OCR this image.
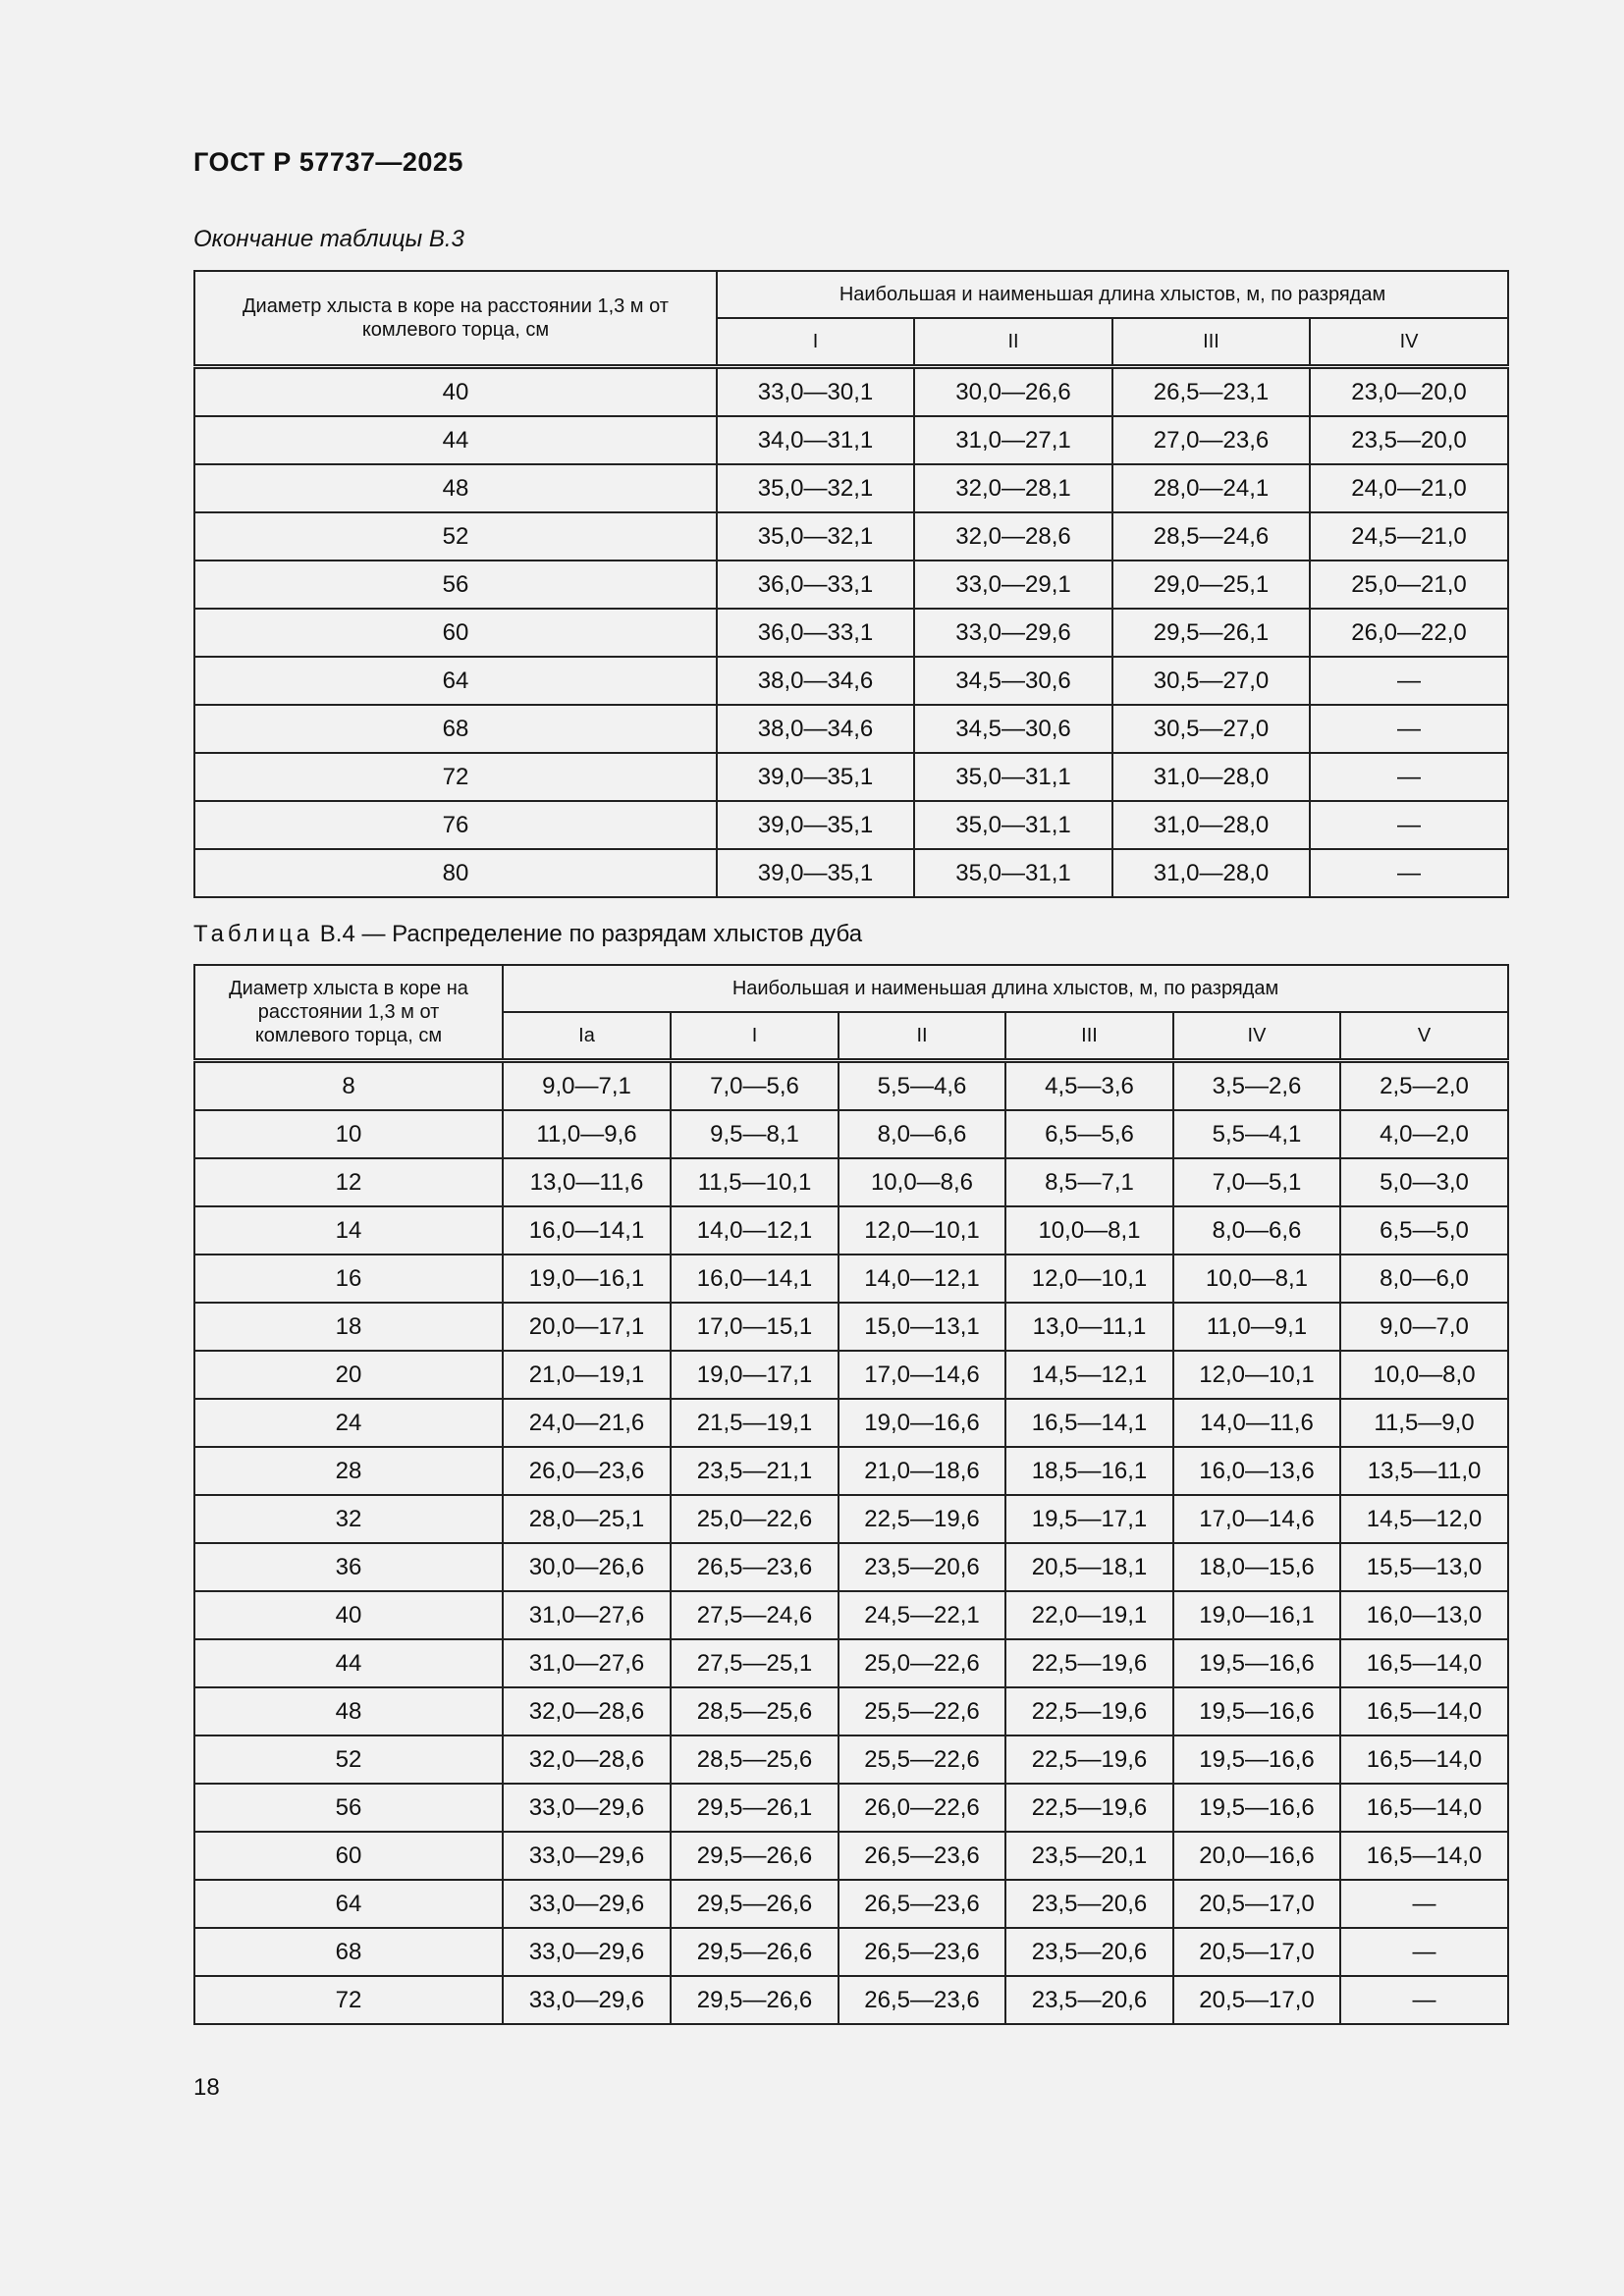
ГОСТ Р 57737—2025
Окончание таблицы В.3
Диаметр хлыста в коре на расстоянии 1,3 м от комлевого торца, см	Наибольшая и наименьшая длина хлыстов, м, по разрядам			
	I	II	III	IV
40	33,0—30,1	30,0—26,6	26,5—23,1	23,0—20,0
44	34,0—31,1	31,0—27,1	27,0—23,6	23,5—20,0
48	35,0—32,1	32,0—28,1	28,0—24,1	24,0—21,0
52	35,0—32,1	32,0—28,6	28,5—24,6	24,5—21,0
56	36,0—33,1	33,0—29,1	29,0—25,1	25,0—21,0
60	36,0—33,1	33,0—29,6	29,5—26,1	26,0—22,0
64	38,0—34,6	34,5—30,6	30,5—27,0	—
68	38,0—34,6	34,5—30,6	30,5—27,0	—
72	39,0—35,1	35,0—31,1	31,0—28,0	—
76	39,0—35,1	35,0—31,1	31,0—28,0	—
80	39,0—35,1	35,0—31,1	31,0—28,0	—
Таблица В.4 — Распределение по разрядам хлыстов дуба
Диаметр хлыста в коре на расстоянии 1,3 м от комлевого торца, см	Наибольшая и наименьшая длина хлыстов, м, по разрядам					
	Ia	I	II	III	IV	V
8	9,0—7,1	7,0—5,6	5,5—4,6	4,5—3,6	3,5—2,6	2,5—2,0
10	11,0—9,6	9,5—8,1	8,0—6,6	6,5—5,6	5,5—4,1	4,0—2,0
12	13,0—11,6	11,5—10,1	10,0—8,6	8,5—7,1	7,0—5,1	5,0—3,0
14	16,0—14,1	14,0—12,1	12,0—10,1	10,0—8,1	8,0—6,6	6,5—5,0
16	19,0—16,1	16,0—14,1	14,0—12,1	12,0—10,1	10,0—8,1	8,0—6,0
18	20,0—17,1	17,0—15,1	15,0—13,1	13,0—11,1	11,0—9,1	9,0—7,0
20	21,0—19,1	19,0—17,1	17,0—14,6	14,5—12,1	12,0—10,1	10,0—8,0
24	24,0—21,6	21,5—19,1	19,0—16,6	16,5—14,1	14,0—11,6	11,5—9,0
28	26,0—23,6	23,5—21,1	21,0—18,6	18,5—16,1	16,0—13,6	13,5—11,0
32	28,0—25,1	25,0—22,6	22,5—19,6	19,5—17,1	17,0—14,6	14,5—12,0
36	30,0—26,6	26,5—23,6	23,5—20,6	20,5—18,1	18,0—15,6	15,5—13,0
40	31,0—27,6	27,5—24,6	24,5—22,1	22,0—19,1	19,0—16,1	16,0—13,0
44	31,0—27,6	27,5—25,1	25,0—22,6	22,5—19,6	19,5—16,6	16,5—14,0
48	32,0—28,6	28,5—25,6	25,5—22,6	22,5—19,6	19,5—16,6	16,5—14,0
52	32,0—28,6	28,5—25,6	25,5—22,6	22,5—19,6	19,5—16,6	16,5—14,0
56	33,0—29,6	29,5—26,1	26,0—22,6	22,5—19,6	19,5—16,6	16,5—14,0
60	33,0—29,6	29,5—26,6	26,5—23,6	23,5—20,1	20,0—16,6	16,5—14,0
64	33,0—29,6	29,5—26,6	26,5—23,6	23,5—20,6	20,5—17,0	—
68	33,0—29,6	29,5—26,6	26,5—23,6	23,5—20,6	20,5—17,0	—
72	33,0—29,6	29,5—26,6	26,5—23,6	23,5—20,6	20,5—17,0	—
18
